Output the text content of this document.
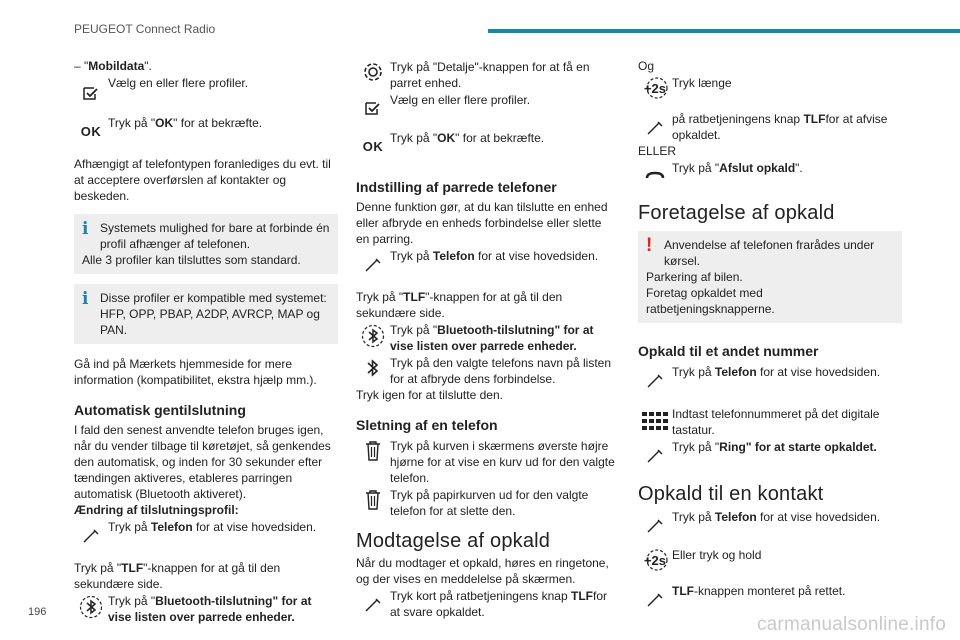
PEUGEOT Connect Radio

– "Mobildata".

Vælg en eller flere profiler.
OK
Tryk på "OK" for at bekræfte.

Afhængigt af telefontypen foranlediges du evt. til at acceptere overførslen af kontakter og beskeden.

i Systemets mulighed for bare at forbinde én profil afhænger af telefonen.

Alle 3 profiler kan tilsluttes som standard.

i Disse profiler er kompatible med systemet: HFP, OPP, PBAP, A2DP, AVRCP, MAP og PAN.

Gå ind på Mærkets hjemmeside for mere information (kompatibilitet, ekstra hjælp mm.).

Automatisk gentilslutning

I fald den senest anvendte telefon bruges igen, når du vender tilbage til køretøjet, så genkendes den automatisk, og inden for 30 sekunder efter tændingen aktiveres, etableres parringen automatisk (Bluetooth aktiveret).

Ændring af tilslutningsprofil:

Tryk på Telefon for at vise hovedsiden.

Tryk på "TLF"-knappen for at gå til den sekundære side.

Tryk på "Bluetooth-tilslutning" for at vise listen over parrede enheder.
Tryk på "Detalje"-knappen for at få en parret enhed.
Vælg en eller flere profiler.
OK
Tryk på "OK" for at bekræfte.
Indstilling af parrede telefoner

Denne funktion gør, at du kan tilslutte en enhed eller afbryde en enheds forbindelse eller slette en parring.

Tryk på Telefon for at vise hovedsiden.

Tryk på "TLF"-knappen for at gå til den sekundære side.

Tryk på "Bluetooth-tilslutning" for at vise listen over parrede enheder.
Tryk på den valgte telefons navn på listen for at afbryde dens forbindelse.

Tryk igen for at tilslutte den.

Sletning af en telefon
Tryk på kurven i skærmens øverste højre hjørne for at vise en kurv ud for den valgte telefon.
Tryk på papirkurven ud for den valgte telefon for at slette den.
Modtagelse af opkald

Når du modtager et opkald, høres en ringetone, og der vises en meddelelse på skærmen.

Tryk kort på ratbetjeningens knap TLFfor at svare opkaldet.

Og

+2s Tryk længe
på ratbetjeningens knap TLFfor at afvise opkaldet.

ELLER

Tryk på "Afslut opkald".
Foretagelse af opkald
! Anvendelse af telefonen frarådes under kørsel.

Parkering af bilen.

Foretag opkaldet med ratbetjeningsknapperne.

Opkald til et andet nummer
Tryk på Telefon for at vise hovedsiden.
Indtast telefonnummeret på det digitale tastatur.
Tryk på "Ring" for at starte opkaldet.
Opkald til en kontakt
Tryk på Telefon for at vise hovedsiden.
+2s Eller tryk og hold
TLF-knappen monteret på rettet.
196
carmanualsonline.info
